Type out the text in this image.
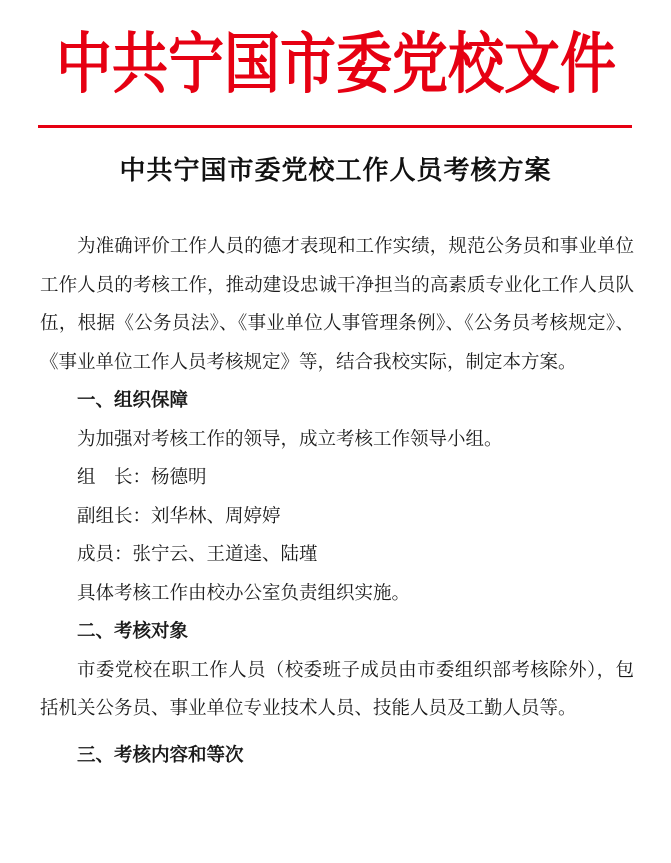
中共宁国市委党校文件
中共宁国市委党校工作人员考核方案

为准确评价工作人员的德才表现和工作实绩，规范公务员和事业单位工作人员的考核工作，推动建设忠诚干净担当的高素质专业化工作人员队伍，根据《公务员法》、《事业单位人事管理条例》、《公务员考核规定》、《事业单位工作人员考核规定》等，结合我校实际，制定本方案。

一、组织保障

为加强对考核工作的领导，成立考核工作领导小组。

组　长：杨德明

副组长：刘华林、周婷婷

成员：张宁云、王道逵、陆瑾

具体考核工作由校办公室负责组织实施。

二、考核对象

市委党校在职工作人员（校委班子成员由市委组织部考核除外），包括机关公务员、事业单位专业技术人员、技能人员及工勤人员等。

三、考核内容和等次
